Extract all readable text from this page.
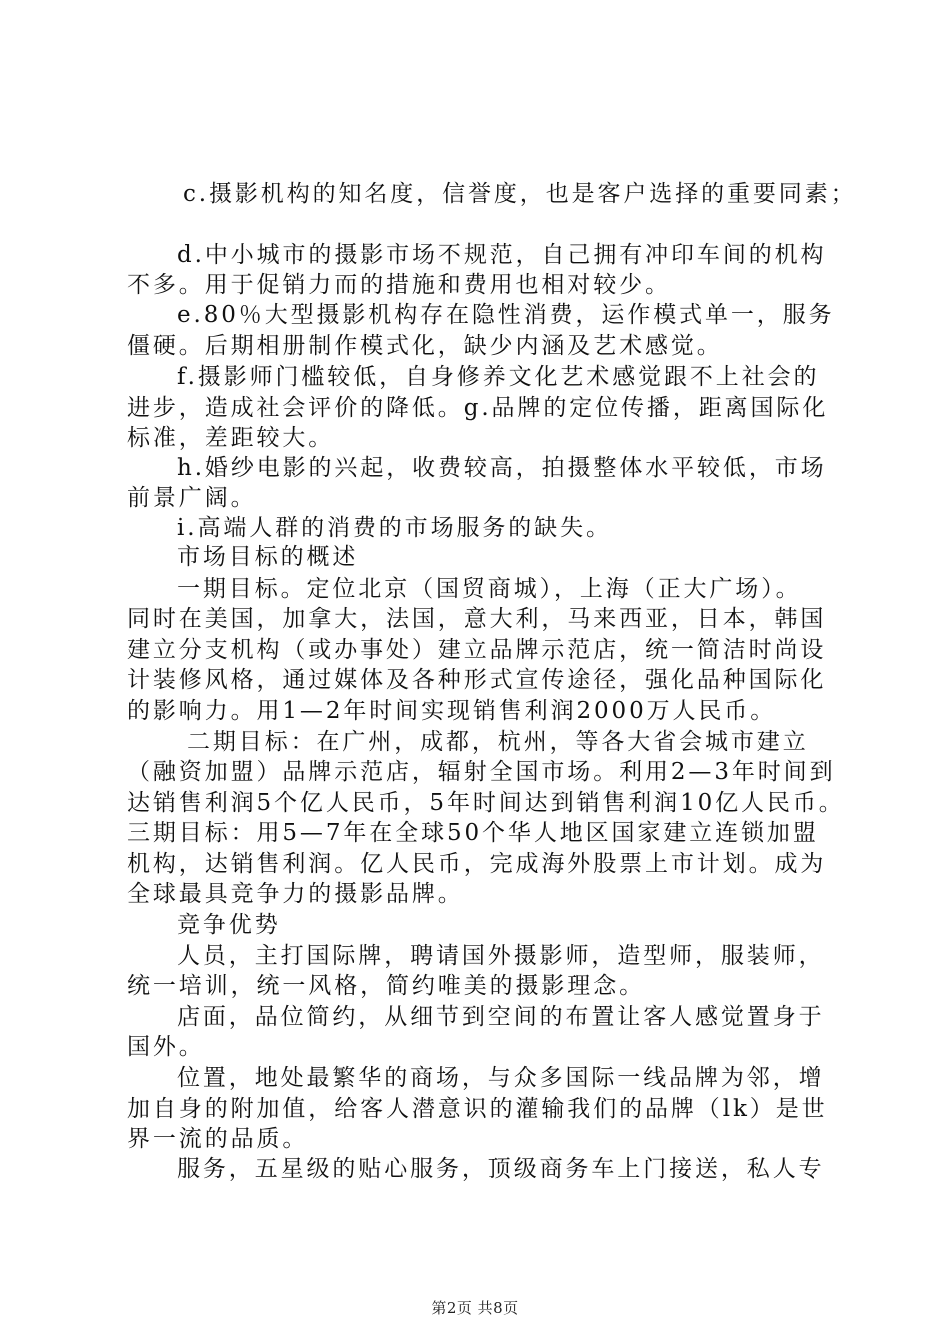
c.摄影机构的知名度，信誉度，也是客户选择的重要同素；

d.中小城市的摄影市场不规范，自己拥有冲印车间的机构

不多。用于促销力而的措施和费用也相对较少。

e.80％大型摄影机构存在隐性消费，运作模式单一，服务

僵硬。后期相册制作模式化，缺少内涵及艺术感觉。

f.摄影师门槛较低，自身修养文化艺术感觉跟不上社会的

进步，造成社会评价的降低。g.品牌的定位传播，距离国际化

标准，差距较大。

h.婚纱电影的兴起，收费较高，拍摄整体水平较低，市场

前景广阔。

i.高端人群的消费的市场服务的缺失。

市场目标的概述

一期目标。定位北京（国贸商城），上海（正大广场）。

同时在美国，加拿大，法国，意大利，马来西亚，日本，韩国

建立分支机构（或办事处）建立品牌示范店，统一简洁时尚设

计装修风格，通过媒体及各种形式宣传途径，强化品种国际化

的影响力。用1—2年时间实现销售利润2000万人民币。

二期目标：在广州，成都，杭州，等各大省会城市建立

（融资加盟）品牌示范店，辐射全国市场。利用2—3年时间到

达销售利润5个亿人民币，5年时间达到销售利润10亿人民币。

三期目标：用5—7年在全球50个华人地区国家建立连锁加盟

机构，达销售利润。亿人民币，完成海外股票上市计划。成为

全球最具竞争力的摄影品牌。

竞争优势

人员，主打国际牌，聘请国外摄影师，造型师，服装师，

统一培训，统一风格，简约唯美的摄影理念。

店面，品位简约，从细节到空间的布置让客人感觉置身于

国外。

位置，地处最繁华的商场，与众多国际一线品牌为邻，增

加自身的附加值，给客人潜意识的灌输我们的品牌（lk）是世

界一流的品质。

服务，五星级的贴心服务，顶级商务车上门接送，私人专

第2页 共8页
